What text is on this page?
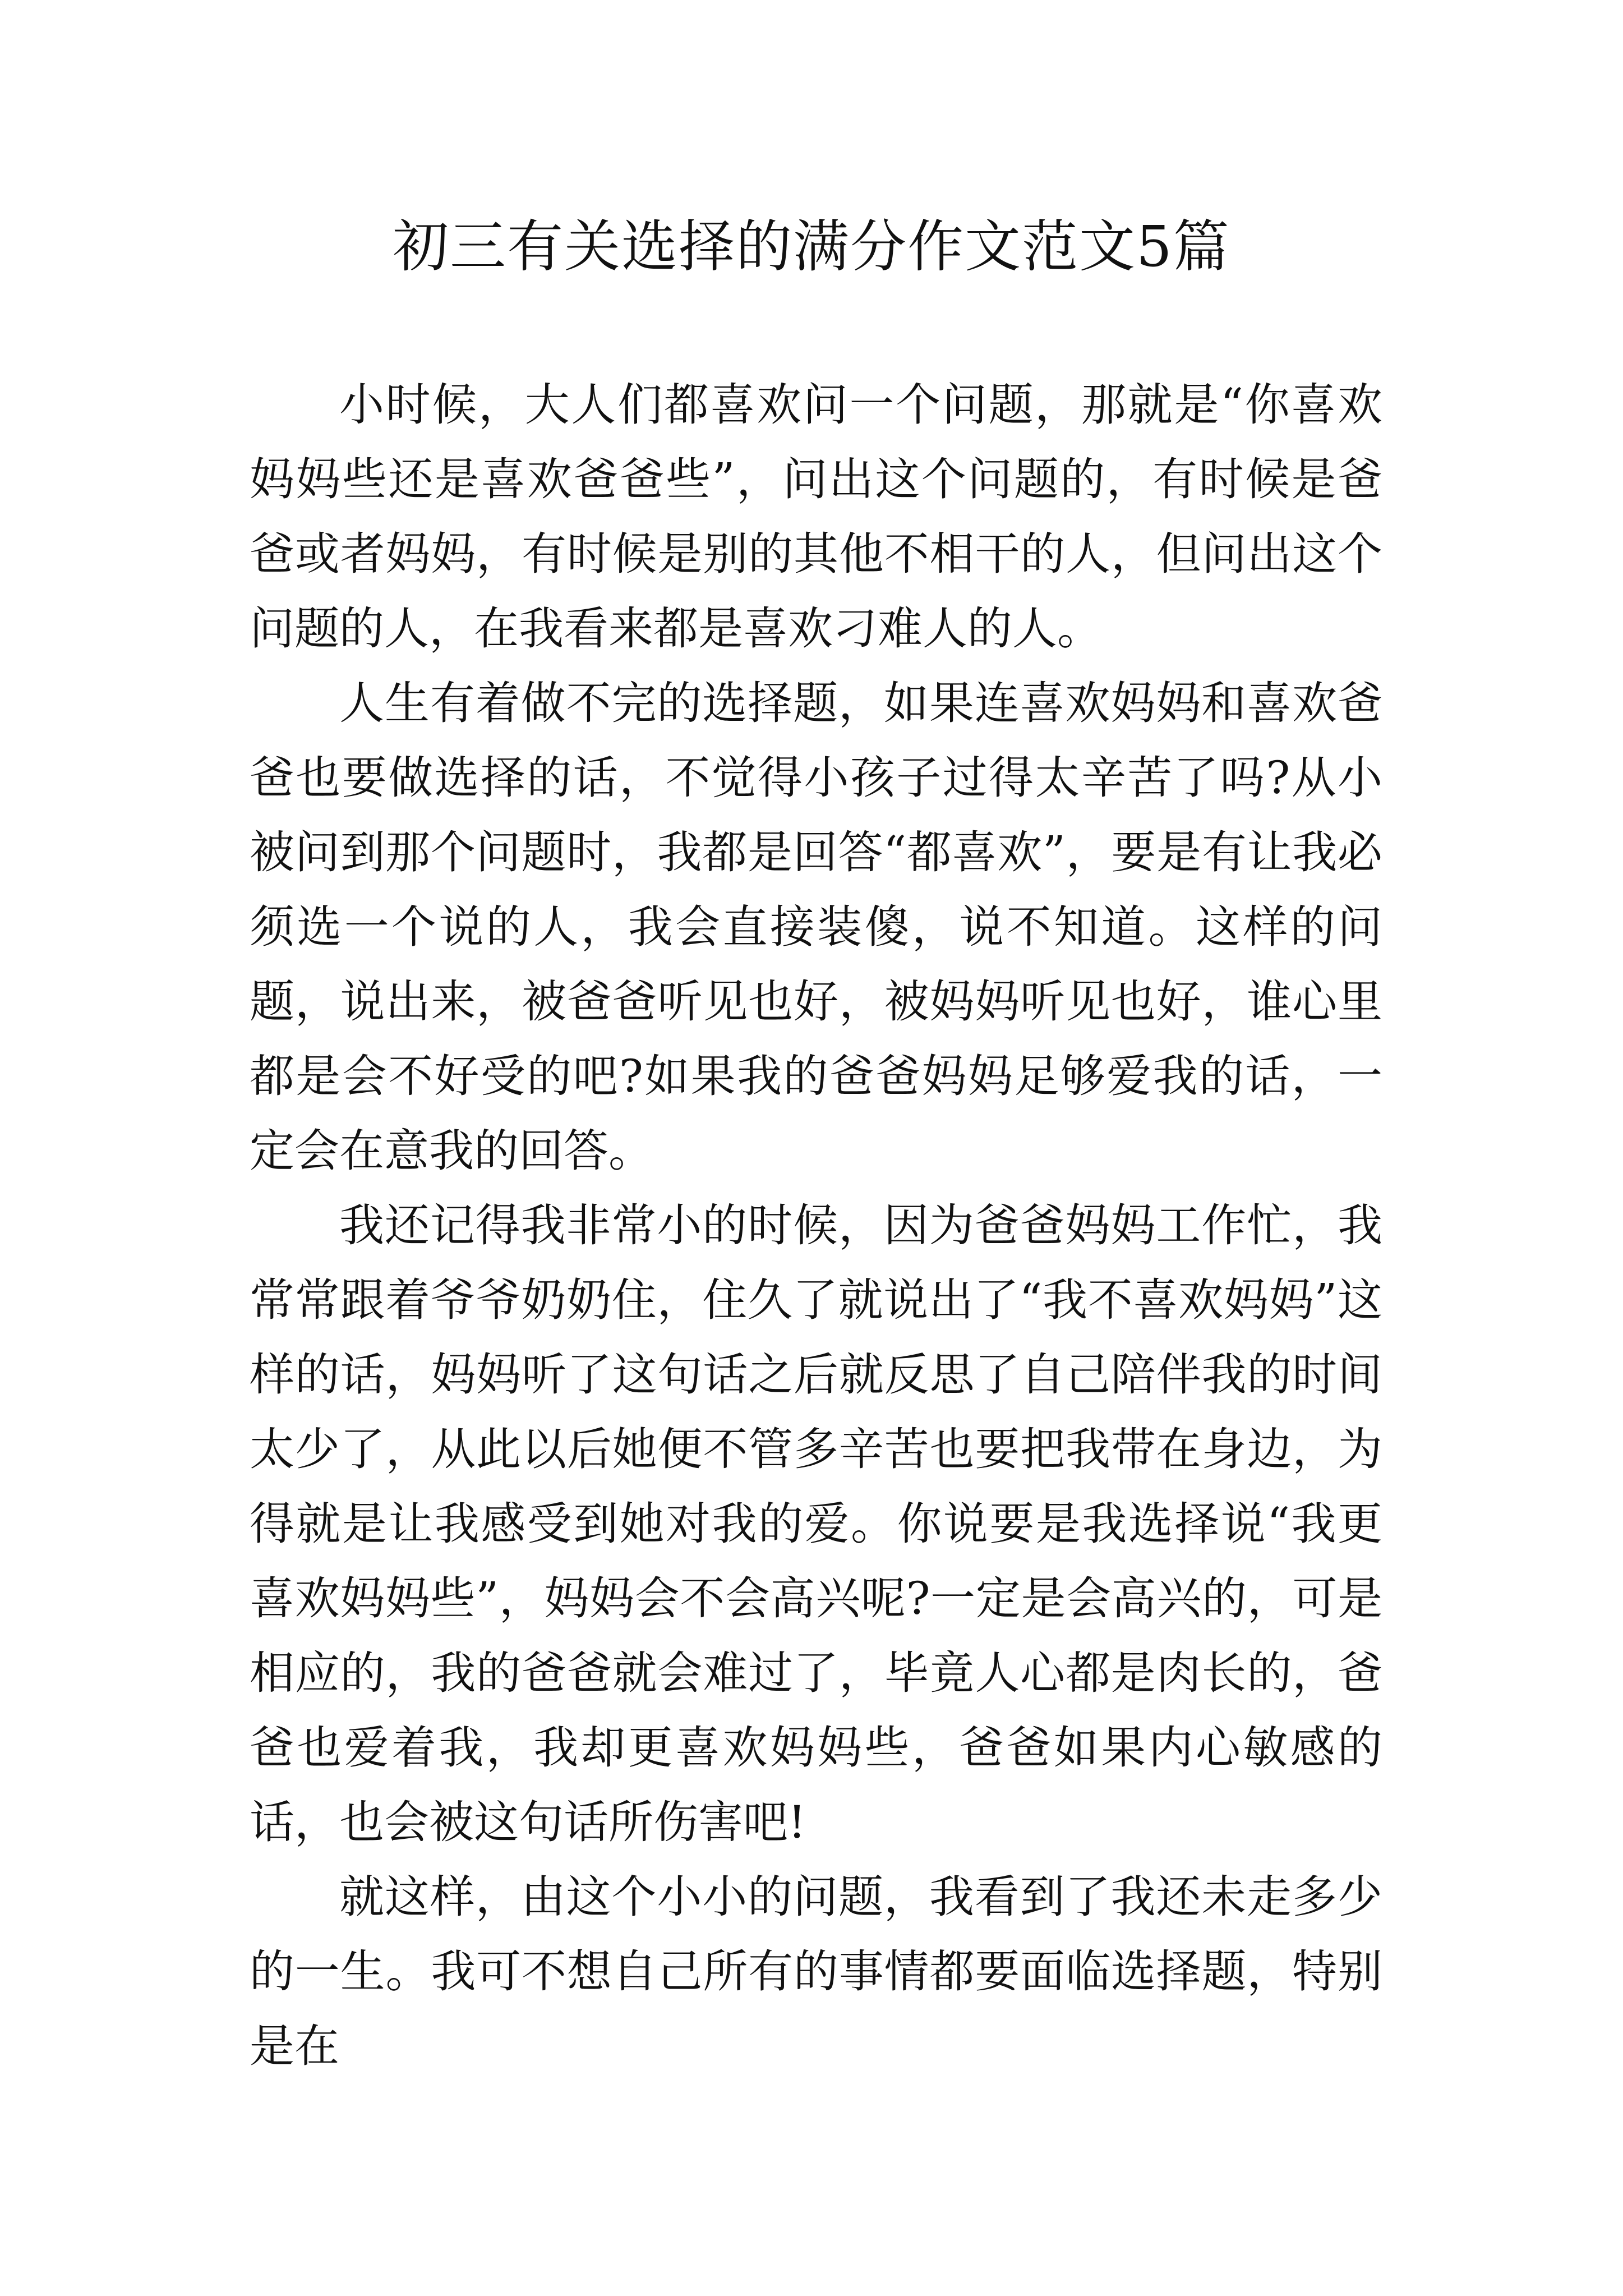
初三有关选择的满分作文范文5篇

小时候，大人们都喜欢问一个问题，那就是“你喜欢妈妈些还是喜欢爸爸些”，问出这个问题的，有时候是爸爸或者妈妈，有时候是别的其他不相干的人，但问出这个问题的人，在我看来都是喜欢刁难人的人。

人生有着做不完的选择题，如果连喜欢妈妈和喜欢爸爸也要做选择的话，不觉得小孩子过得太辛苦了吗?从小被问到那个问题时，我都是回答“都喜欢”，要是有让我必须选一个说的人，我会直接装傻，说不知道。这样的问题，说出来，被爸爸听见也好，被妈妈听见也好，谁心里都是会不好受的吧?如果我的爸爸妈妈足够爱我的话，一定会在意我的回答。

我还记得我非常小的时候，因为爸爸妈妈工作忙，我常常跟着爷爷奶奶住，住久了就说出了“我不喜欢妈妈”这样的话，妈妈听了这句话之后就反思了自己陪伴我的时间太少了，从此以后她便不管多辛苦也要把我带在身边，为得就是让我感受到她对我的爱。你说要是我选择说“我更喜欢妈妈些”，妈妈会不会高兴呢?一定是会高兴的，可是相应的，我的爸爸就会难过了，毕竟人心都是肉长的，爸爸也爱着我，我却更喜欢妈妈些，爸爸如果内心敏感的话，也会被这句话所伤害吧!

就这样，由这个小小的问题，我看到了我还未走多少的一生。我可不想自己所有的事情都要面临选择题，特别是在
